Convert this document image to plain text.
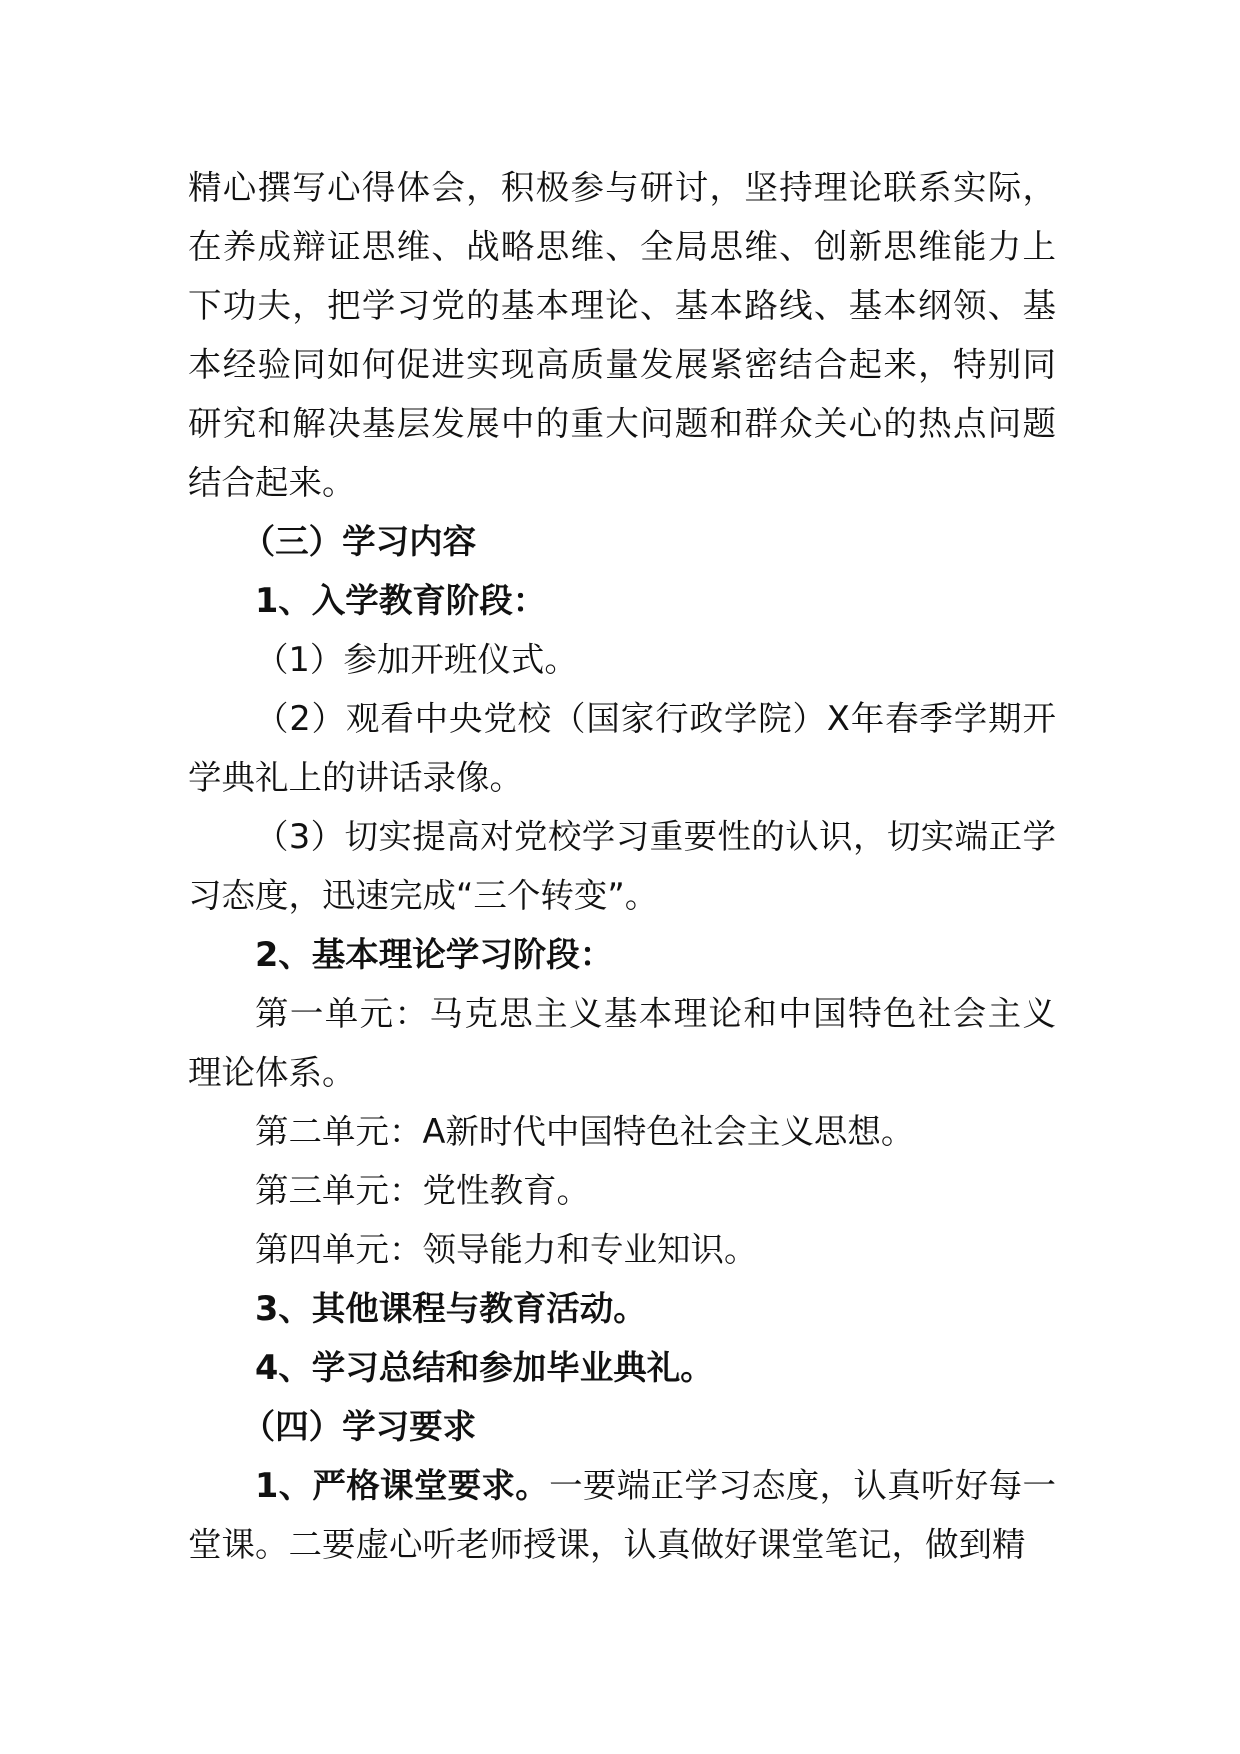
精心撰写心得体会，积极参与研讨，坚持理论联系实际，在养成辩证思维、战略思维、全局思维、创新思维能力上下功夫，把学习党的基本理论、基本路线、基本纲领、基本经验同如何促进实现高质量发展紧密结合起来，特别同研究和解决基层发展中的重大问题和群众关心的热点问题结合起来。

（三）学习内容

1、入学教育阶段：

（1）参加开班仪式。

（2）观看中央党校（国家行政学院）X年春季学期开学典礼上的讲话录像。

（3）切实提高对党校学习重要性的认识，切实端正学习态度，迅速完成“三个转变”。

2、基本理论学习阶段：

第一单元：马克思主义基本理论和中国特色社会主义理论体系。

第二单元：A新时代中国特色社会主义思想。

第三单元：党性教育。

第四单元：领导能力和专业知识。

3、其他课程与教育活动。

4、学习总结和参加毕业典礼。

（四）学习要求

1、严格课堂要求。一要端正学习态度，认真听好每一堂课。二要虚心听老师授课，认真做好课堂笔记，做到精
